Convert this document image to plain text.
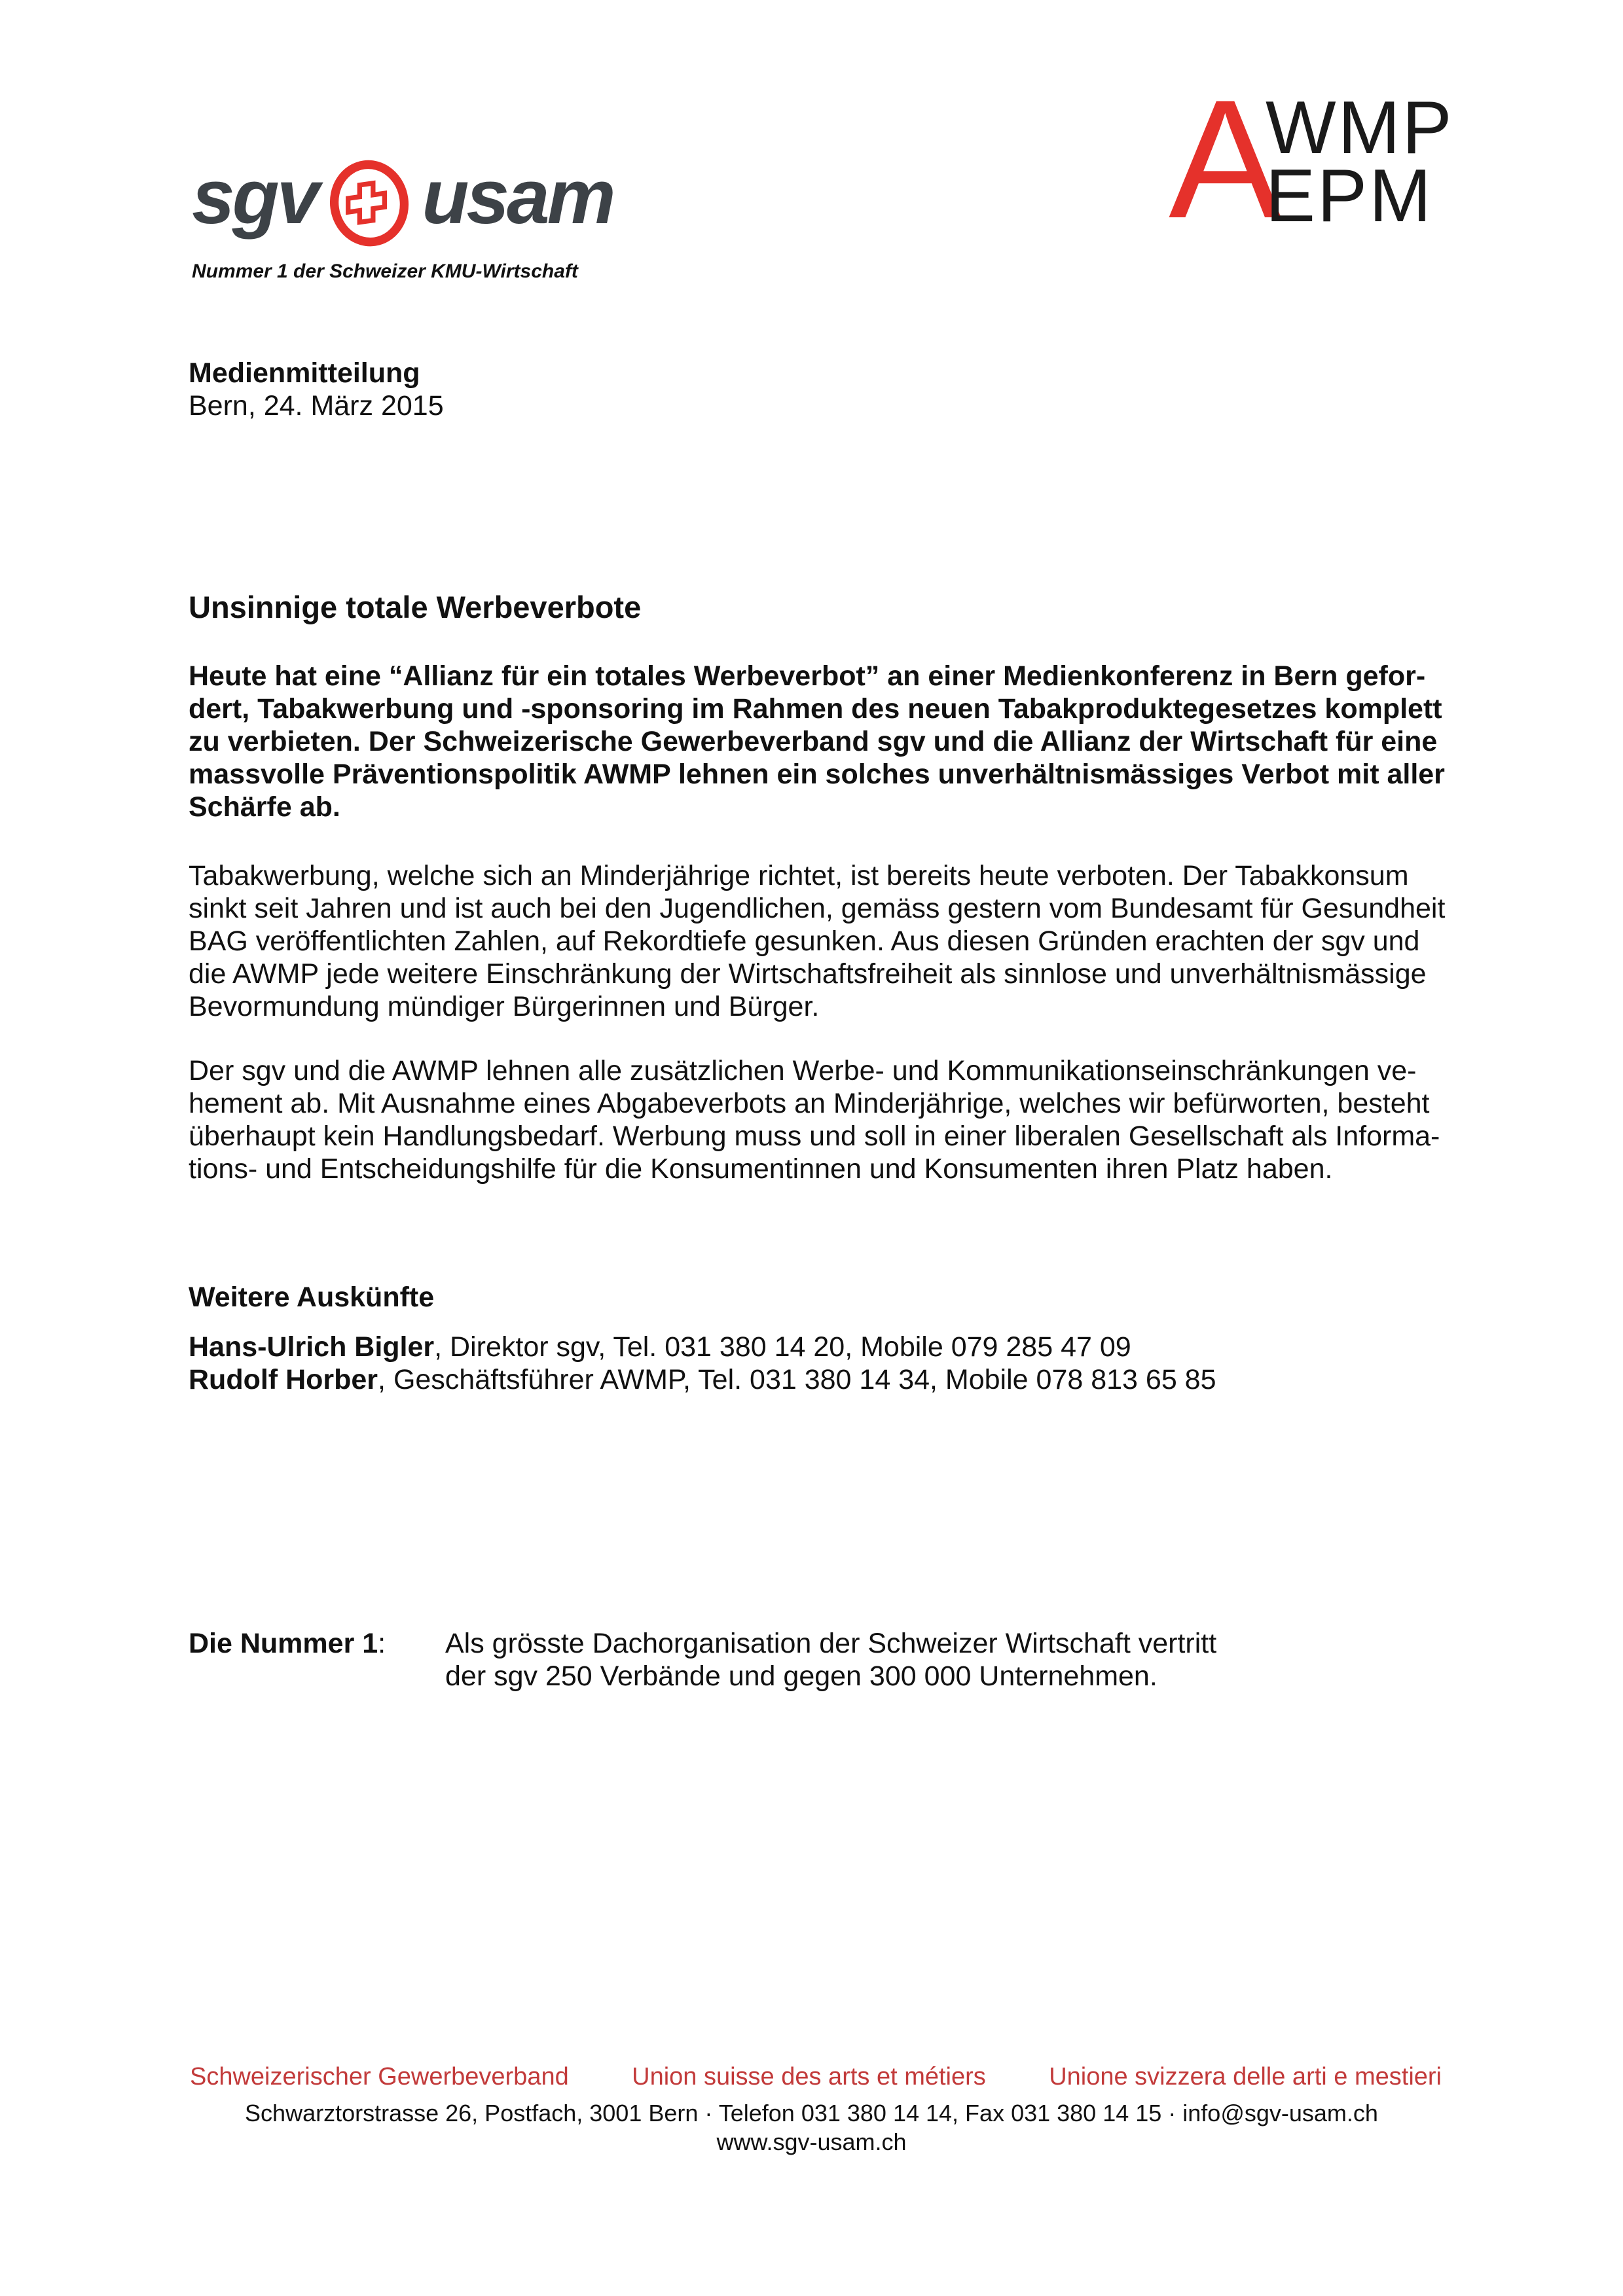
sgv usam
Nummer 1 der Schweizer KMU-Wirtschaft
A
WMP
EPM
Medienmitteilung
Bern, 24. März 2015
Unsinnige totale Werbeverbote
Heute hat eine “Allianz für ein totales Werbeverbot” an einer Medienkonferenz in Bern gefor-
dert, Tabakwerbung und -sponsoring im Rahmen des neuen Tabakproduktegesetzes komplett
zu verbieten. Der Schweizerische Gewerbeverband sgv und die Allianz der Wirtschaft für eine
massvolle Präventionspolitik AWMP lehnen ein solches unverhältnismässiges Verbot mit aller
Schärfe ab.
Tabakwerbung, welche sich an Minderjährige richtet, ist bereits heute verboten. Der Tabakkonsum
sinkt seit Jahren und ist auch bei den Jugendlichen, gemäss gestern vom Bundesamt für Gesundheit
BAG veröffentlichten Zahlen, auf Rekordtiefe gesunken. Aus diesen Gründen erachten der sgv und
die AWMP jede weitere Einschränkung der Wirtschaftsfreiheit als sinnlose und unverhältnismässige
Bevormundung mündiger Bürgerinnen und Bürger.
Der sgv und die AWMP lehnen alle zusätzlichen Werbe- und Kommunikationseinschränkungen ve-
hement ab. Mit Ausnahme eines Abgabeverbots an Minderjährige, welches wir befürworten, besteht
überhaupt kein Handlungsbedarf. Werbung muss und soll in einer liberalen Gesellschaft als Informa-
tions- und Entscheidungshilfe für die Konsumentinnen und Konsumenten ihren Platz haben.
Weitere Auskünfte
Hans-Ulrich Bigler, Direktor sgv, Tel. 031 380 14 20, Mobile 079 285 47 09
Rudolf Horber, Geschäftsführer AWMP, Tel. 031 380 14 34, Mobile 078 813 65 85
Die Nummer 1: Als grösste Dachorganisation der Schweizer Wirtschaft vertritt
der sgv 250 Verbände und gegen 300 000 Unternehmen.
Schweizerischer Gewerbeverband	Union suisse des arts et métiers	Unione svizzera delle arti e mestieri
Schwarztorstrasse 26, Postfach, 3001 Bern · Telefon 031 380 14 14, Fax 031 380 14 15 · info@sgv-usam.ch
www.sgv-usam.ch
